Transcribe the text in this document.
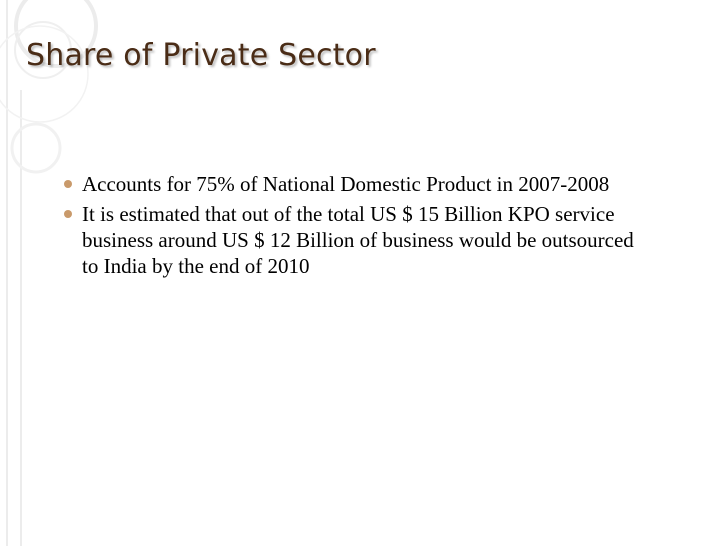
Share of Private Sector
Accounts for 75% of National Domestic Product in 2007-2008
It is estimated that out of the total US $ 15 Billion KPO service business around US $ 12 Billion of business would be outsourced to India by the end of 2010
